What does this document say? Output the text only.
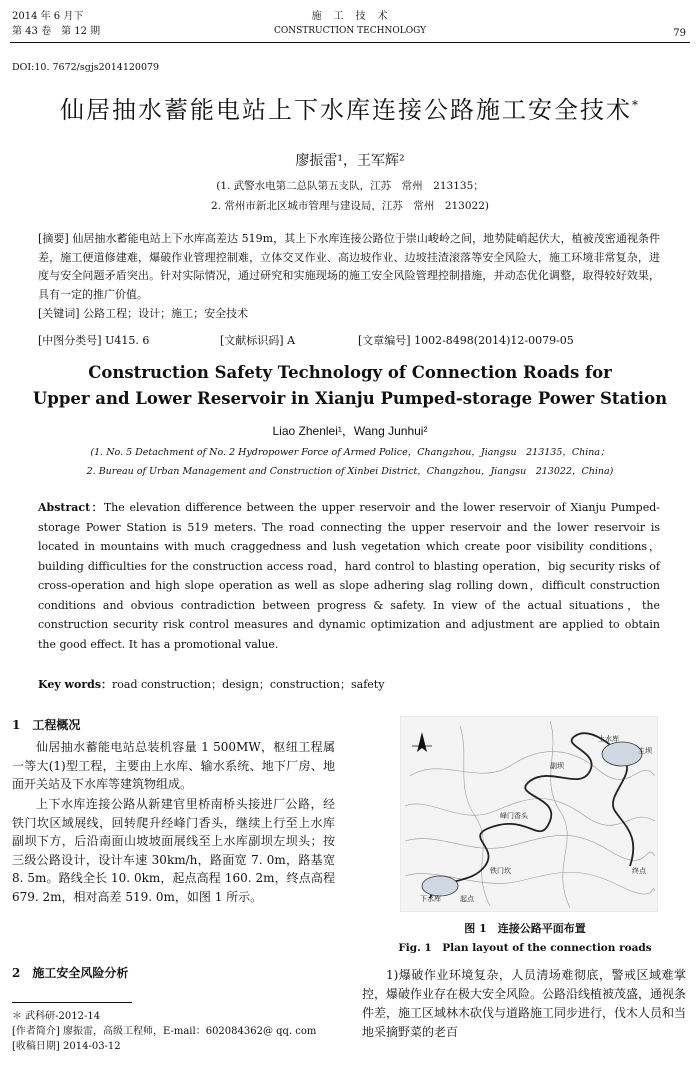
2014 年 6 月下
第 43 卷　第 12 期
施　工　技　术
CONSTRUCTION TECHNOLOGY	79
DOI:10. 7672/sgjs2014120079
仙居抽水蓄能电站上下水库连接公路施工安全技术*
廖振雷¹，王军辉²
(1. 武警水电第二总队第五支队，江苏　常州　213135；
2. 常州市新北区城市管理与建设局，江苏　常州　213022)
[摘要] 仙居抽水蓄能电站上下水库高差达 519m，其上下水库连接公路位于崇山峻岭之间，地势陡峭起伏大，植被茂密通视条件差，施工便道修建难，爆破作业管理控制难，立体交叉作业、高边坡作业、边坡挂渣滚落等安全风险大，施工环境非常复杂，进度与安全问题矛盾突出。针对实际情况，通过研究和实施现场的施工安全风险管理控制措施，并动态优化调整，取得较好效果，具有一定的推广价值。
[关键词] 公路工程；设计；施工；安全技术
[中图分类号] U415. 6	[文献标识码] A	[文章编号] 1002-8498(2014)12-0079-05
Construction Safety Technology of Connection Roads for
Upper and Lower Reservoir in Xianju Pumped-storage Power Station
Liao Zhenlei¹，Wang Junhui²
(1. No. 5 Detachment of No. 2 Hydropower Force of Armed Police，Changzhou，Jiangsu　213135，China；
2. Bureau of Urban Management and Construction of Xinbei District，Changzhou，Jiangsu　213022，China)
Abstract：The elevation difference between the upper reservoir and the lower reservoir of Xianju Pumped-storage Power Station is 519 meters. The road connecting the upper reservoir and the lower reservoir is located in mountains with much craggedness and lush vegetation which create poor visibility conditions，building difficulties for the construction access road，hard control to blasting operation，big security risks of cross-operation and high slope operation as well as slope adhering slag rolling down，difficult construction conditions and obvious contradiction between progress & safety. In view of the actual situations，the construction security risk control measures and dynamic optimization and adjustment are applied to obtain the good effect. It has a promotional value.
Key words：road construction；design；construction；safety
1　工程概况
仙居抽水蓄能电站总装机容量 1 500MW，枢纽工程属一等大(1)型工程，主要由上水库、输水系统、地下厂房、地面开关站及下水库等建筑物组成。
上下水库连接公路从新建官里桥南桥头接进厂公路，经铁门坎区域展线，回转爬升经峰门香头，继续上行至上水库副坝下方，后沿南面山坡坡面展线至上水库副坝左坝头；按三级公路设计，设计车速 30km/h，路面宽 7. 0m，路基宽 8. 5m。路线全长 10. 0km，起点高程 160. 2m，终点高程 679. 2m，相对高差 519. 0m，如图 1 所示。
2　施工安全风险分析
＊ 武科研-2012-14
[作者简介] 廖振雷，高级工程师，E-mail：602084362@ qq. com
[收稿日期] 2014-03-12
上水库
下水库
副坝
主坝
起点
终点
峰门香头
铁门坎
图 1　连接公路平面布置
Fig. 1　Plan layout of the connection roads
1)爆破作业环境复杂，人员清场难彻底，警戒区域难掌控，爆破作业存在极大安全风险。公路沿线植被茂盛，通视条件差，施工区域林木砍伐与道路施工同步进行，伐木人员和当地采摘野菜的老百
